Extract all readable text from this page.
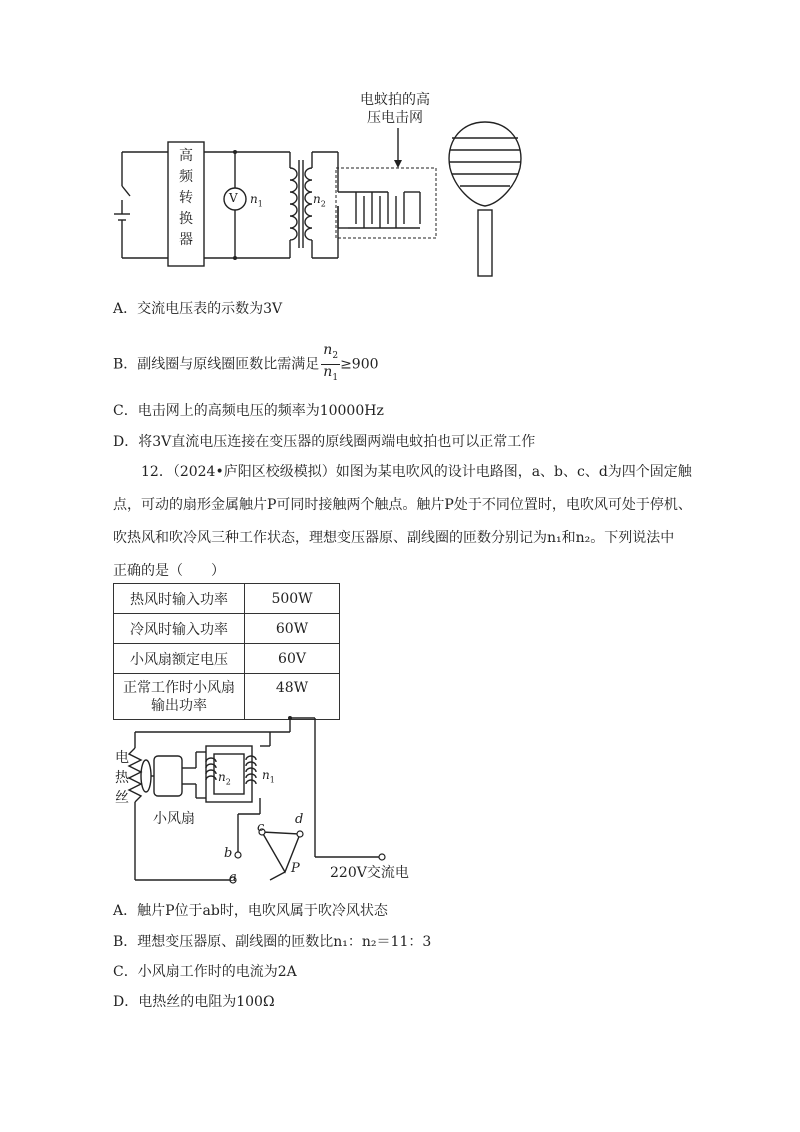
电蚊拍的高
压电击网
高
频
转
换
器
V $n_1$	$n_2$
A．交流电压表的示数为3V
B．副线圈与原线圈匝数比需满足 $\frac{n_2}{n_1} \ge 900$
C．电击网上的高频电压的频率为10000Hz
D．将3V直流电压连接在变压器的原线圈两端电蚊拍也可以正常工作
12．（2024•庐阳区校级模拟）如图为某电吹风的设计电路图，a、b、c、d为四个固定触
点，可动的扇形金属触片P可同时接触两个触点。触片P处于不同位置时，电吹风可处于停机、
吹热风和吹冷风三种工作状态，理想变压器原、副线圈的匝数分别记为n₁和n₂。下列说法中
正确的是（　　）
热风时输入功率	500W
冷风时输入功率	60W
小风扇额定电压	60V

正常工作时小风扇
输出功率	48W
电
热
丝
小风扇
$n_2$	$n_1$
c
d
b
a
P 220V交流电
A．触片P位于ab时，电吹风属于吹冷风状态
B．理想变压器原、副线圈的匝数比n₁：n₂＝11：3
C．小风扇工作时的电流为2A
D．电热丝的电阻为100Ω
